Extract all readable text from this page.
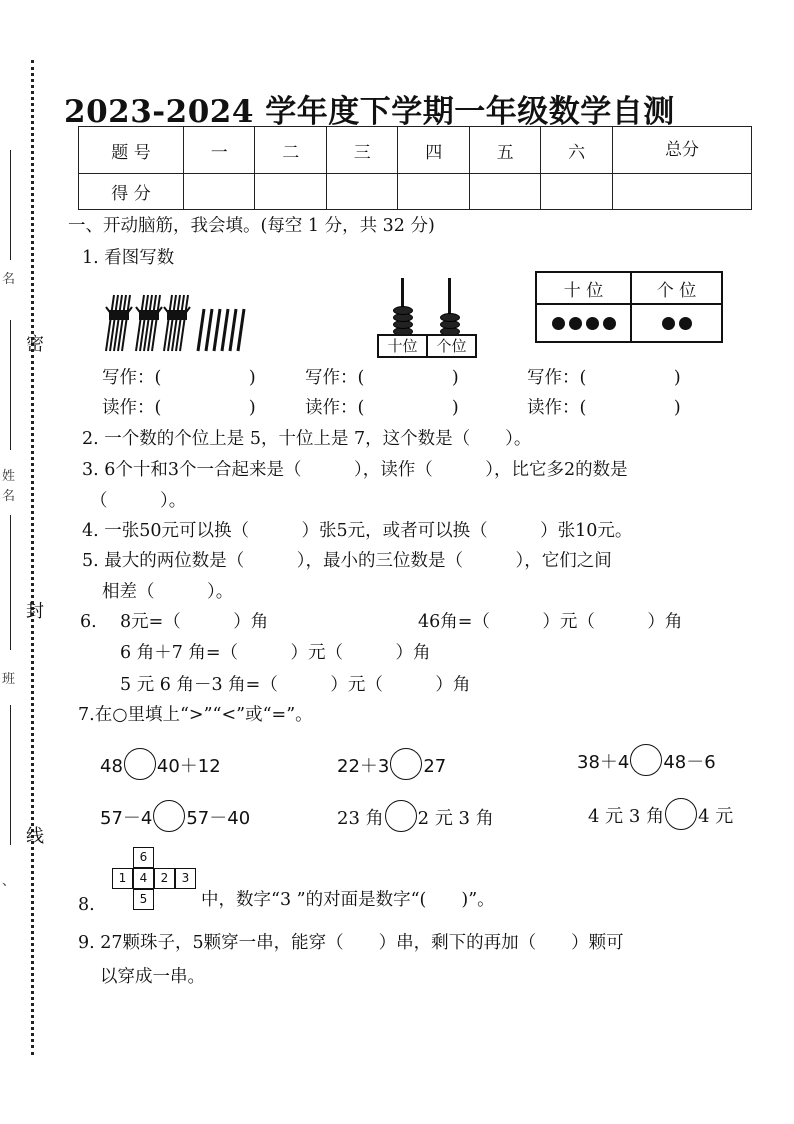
名
姓
名
班
、
密
封
线
2023-2024 学年度下学期一年级数学自测
题 号	一	二	三	四	五	六	总分
得 分							
一、开动脑筋，我会填。(每空 1 分，共 32 分)
1. 看图写数
十位	个位
十 位	个 位

写作：(　　　　　)	写作：(　　　　　)	写作：(　　　　　)
读作：(　　　　　)	读作：(　　　　　)	读作：(　　　　　)
2. 一个数的个位上是 5，十位上是 7，这个数是（　　）。
3. 6个十和3个一合起来是（　　　），读作（　　　），比它多2的数是
（　　　）。
4. 一张50元可以换（　　　）张5元，或者可以换（　　　）张10元。
5. 最大的两位数是（　　　），最小的三位数是（　　　），它们之间
相差（　　　）。
6. 8元=（　　　）角	46角=（　　　）元（　　　）角
6 角＋7 角=（　　　）元（　　　）角
5 元 6 角－3 角=（　　　）元（　　　）角
7.在○里填上“>”“<”或“=”。
48 40＋12	22＋3 27	38＋4 48－6
57－4 57－40	23 角 2 元 3 角	4 元 3 角 4 元
6
1	4	2	3
5
8.	中，数字“3 ”的对面是数字“(　　)”。
9. 27颗珠子，5颗穿一串，能穿（　　）串，剩下的再加（　　）颗可
以穿成一串。
